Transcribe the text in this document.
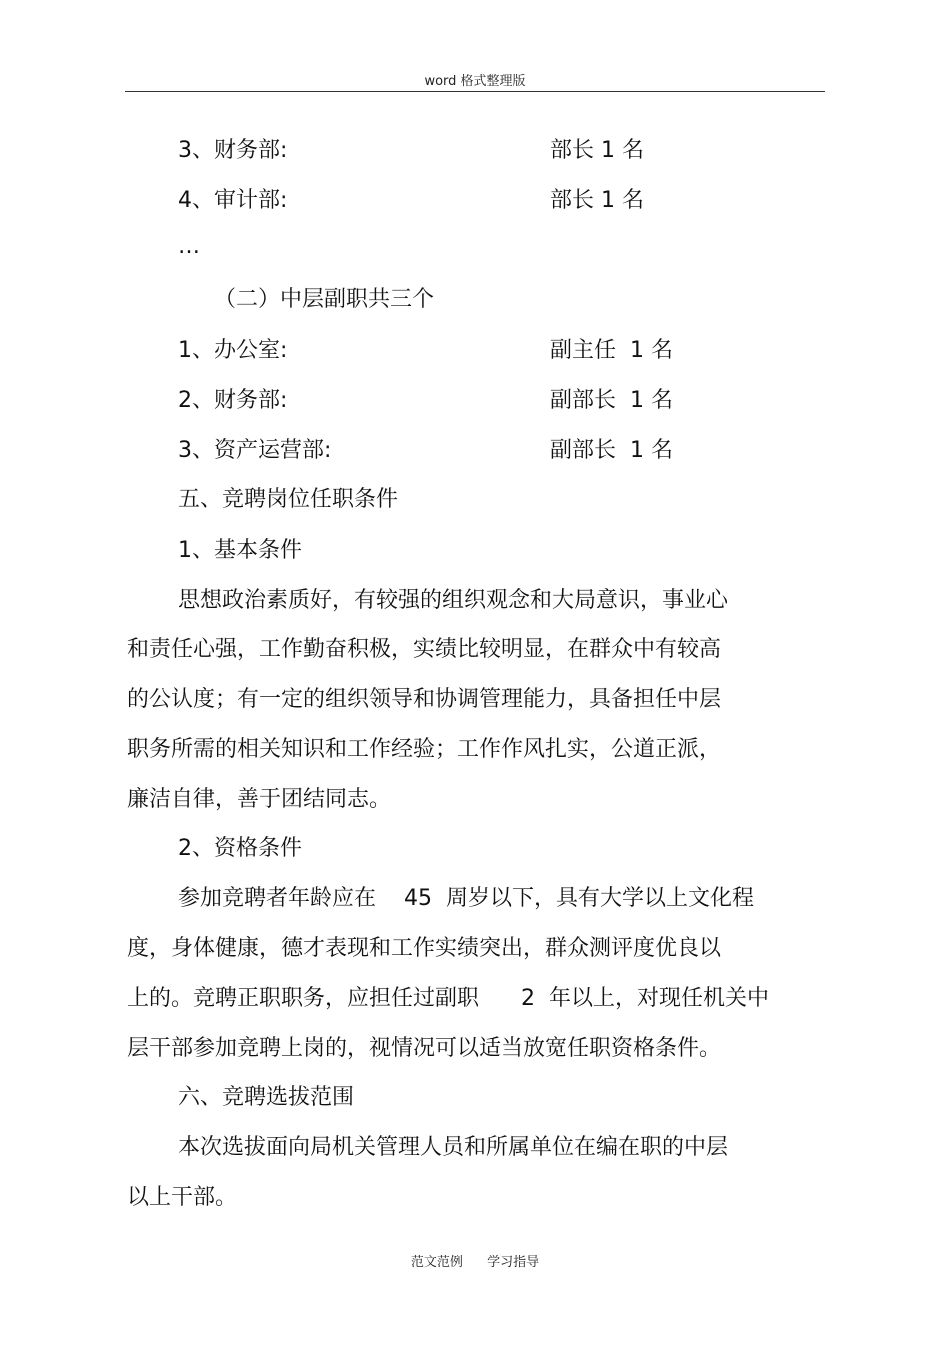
word 格式整理版
3、财务部:	部长 1 名
4、审计部:	部长 1 名
…
（二）中层副职共三个
1、办公室:	副主任  1 名
2、财务部:	副部长  1 名
3、资产运营部:	副部长  1 名
五、竞聘岗位任职条件
1、基本条件
思想政治素质好，有较强的组织观念和大局意识，事业心
和责任心强，工作勤奋积极，实绩比较明显，在群众中有较高
的公认度；有一定的组织领导和协调管理能力，具备担任中层
职务所需的相关知识和工作经验；工作作风扎实，公道正派，
廉洁自律，善于团结同志。
2、资格条件
参加竞聘者年龄应在    45  周岁以下，具有大学以上文化程
度，身体健康，德才表现和工作实绩突出，群众测评度优良以
上的。竞聘正职职务，应担任过副职      2  年以上，对现任机关中
层干部参加竞聘上岗的，视情况可以适当放宽任职资格条件。
六、竞聘选拔范围
本次选拔面向局机关管理人员和所属单位在编在职的中层
以上干部。
范文范例 学习指导
